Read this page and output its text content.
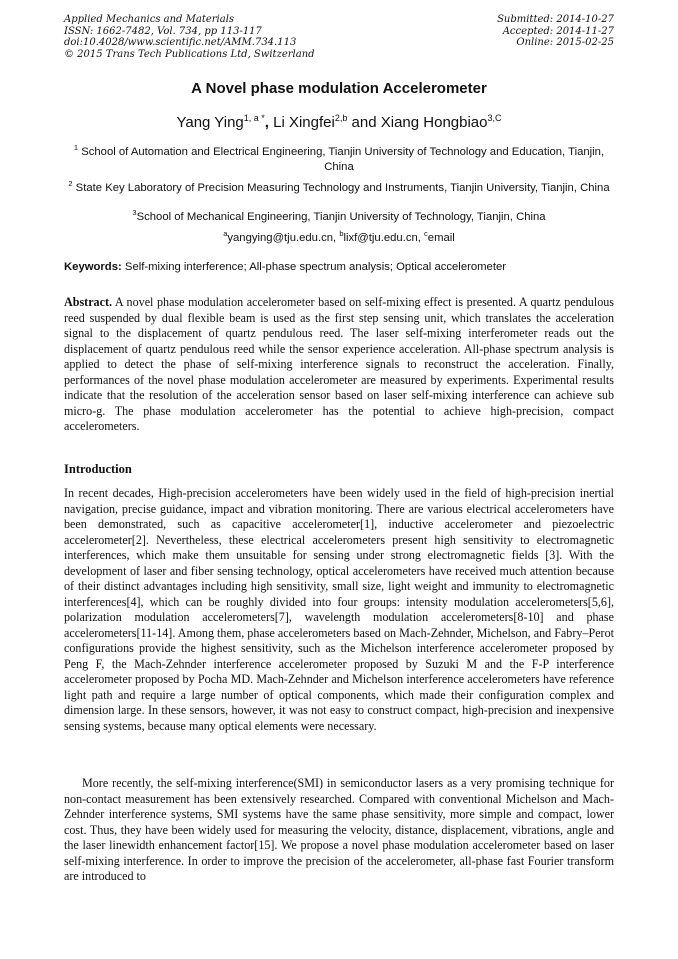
Applied Mechanics and Materials
ISSN: 1662-7482, Vol. 734, pp 113-117
doi:10.4028/www.scientific.net/AMM.734.113
© 2015 Trans Tech Publications Ltd, Switzerland
Submitted: 2014-10-27
Accepted: 2014-11-27
Online: 2015-02-25
A Novel phase modulation Accelerometer
Yang Ying$^{1, a *}$, Li Xingfei$^{2,b}$ and Xiang Hongbiao$^{3,C}$
$^1$ School of Automation and Electrical Engineering, Tianjin University of Technology and Education, Tianjin, China
$^2$ State Key Laboratory of Precision Measuring Technology and Instruments, Tianjin University, Tianjin, China
$^3$School of Mechanical Engineering, Tianjin University of Technology, Tianjin, China
$^a$yangying@tju.edu.cn, $^b$lixf@tju.edu.cn, $^c$email
Keywords: Self-mixing interference; All-phase spectrum analysis; Optical accelerometer
Abstract. A novel phase modulation accelerometer based on self-mixing effect is presented. A quartz pendulous reed suspended by dual flexible beam is used as the first step sensing unit, which translates the acceleration signal to the displacement of quartz pendulous reed. The laser self-mixing interferometer reads out the displacement of quartz pendulous reed while the sensor experience acceleration. All-phase spectrum analysis is applied to detect the phase of self-mixing interference signals to reconstruct the acceleration. Finally, performances of the novel phase modulation accelerometer are measured by experiments. Experimental results indicate that the resolution of the acceleration sensor based on laser self-mixing interference can achieve sub micro-g. The phase modulation accelerometer has the potential to achieve high-precision, compact accelerometers.
Introduction
In recent decades, High-precision accelerometers have been widely used in the field of high-precision inertial navigation, precise guidance, impact and vibration monitoring. There are various electrical accelerometers have been demonstrated, such as capacitive accelerometer[1], inductive accelerometer and piezoelectric accelerometer[2]. Nevertheless, these electrical accelerometers present high sensitivity to electromagnetic interferences, which make them unsuitable for sensing under strong electromagnetic fields [3]. With the development of laser and fiber sensing technology, optical accelerometers have received much attention because of their distinct advantages including high sensitivity, small size, light weight and immunity to electromagnetic interferences[4], which can be roughly divided into four groups: intensity modulation accelerometers[5,6], polarization modulation accelerometers[7], wavelength modulation accelerometers[8-10] and phase accelerometers[11-14]. Among them, phase accelerometers based on Mach-Zehnder, Michelson, and Fabry–Perot configurations provide the highest sensitivity, such as the Michelson interference accelerometer proposed by Peng F, the Mach-Zehnder interference accelerometer proposed by Suzuki M and the F-P interference accelerometer proposed by Pocha MD. Mach-Zehnder and Michelson interference accelerometers have reference light path and require a large number of optical components, which made their configuration complex and dimension large. In these sensors, however, it was not easy to construct compact, high-precision and inexpensive sensing systems, because many optical elements were necessary.
More recently, the self-mixing interference(SMI) in semiconductor lasers as a very promising technique for non-contact measurement has been extensively researched. Compared with conventional Michelson and Mach-Zehnder interference systems, SMI systems have the same phase sensitivity, more simple and compact, lower cost. Thus, they have been widely used for measuring the velocity, distance, displacement, vibrations, angle and the laser linewidth enhancement factor[15]. We propose a novel phase modulation accelerometer based on laser self-mixing interference. In order to improve the precision of the accelerometer, all-phase fast Fourier transform are introduced to
